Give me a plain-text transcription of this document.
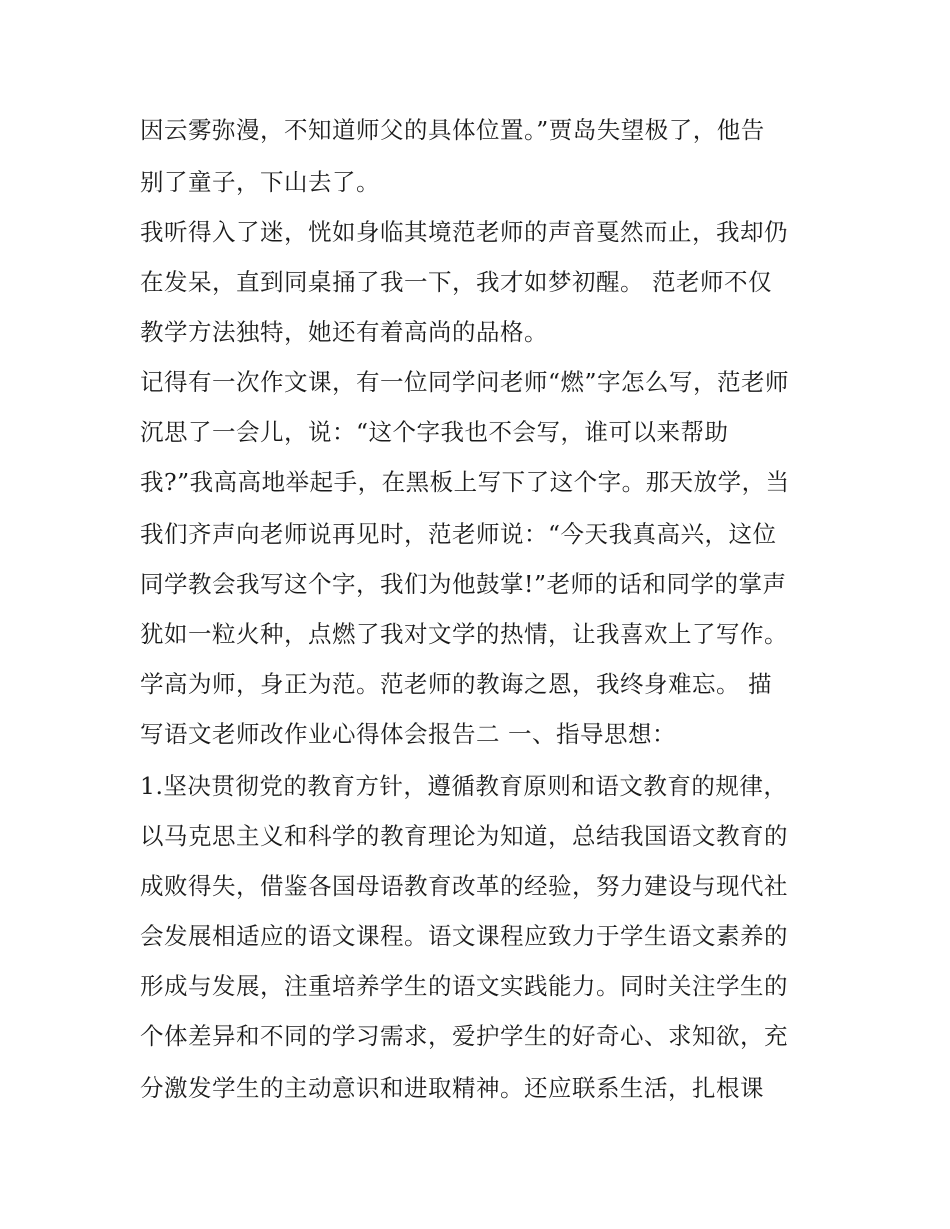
因云雾弥漫，不知道师父的具体位置。”贾岛失望极了，他告
别了童子，下山去了。
我听得入了迷，恍如身临其境范老师的声音戛然而止，我却仍
在发呆，直到同桌捅了我一下，我才如梦初醒。 范老师不仅
教学方法独特，她还有着高尚的品格。
记得有一次作文课，有一位同学问老师“燃”字怎么写，范老师
沉思了一会儿，说：“这个字我也不会写，谁可以来帮助
我?”我高高地举起手，在黑板上写下了这个字。那天放学，当
我们齐声向老师说再见时，范老师说：“今天我真高兴，这位
同学教会我写这个字，我们为他鼓掌!”老师的话和同学的掌声
犹如一粒火种，点燃了我对文学的热情，让我喜欢上了写作。
学高为师，身正为范。范老师的教诲之恩，我终身难忘。 描
写语文老师改作业心得体会报告二 一、指导思想：
1.坚决贯彻党的教育方针，遵循教育原则和语文教育的规律，
以马克思主义和科学的教育理论为知道，总结我国语文教育的
成败得失，借鉴各国母语教育改革的经验，努力建设与现代社
会发展相适应的语文课程。语文课程应致力于学生语文素养的
形成与发展，注重培养学生的语文实践能力。同时关注学生的
个体差异和不同的学习需求，爱护学生的好奇心、求知欲，充
分激发学生的主动意识和进取精神。还应联系生活，扎根课
